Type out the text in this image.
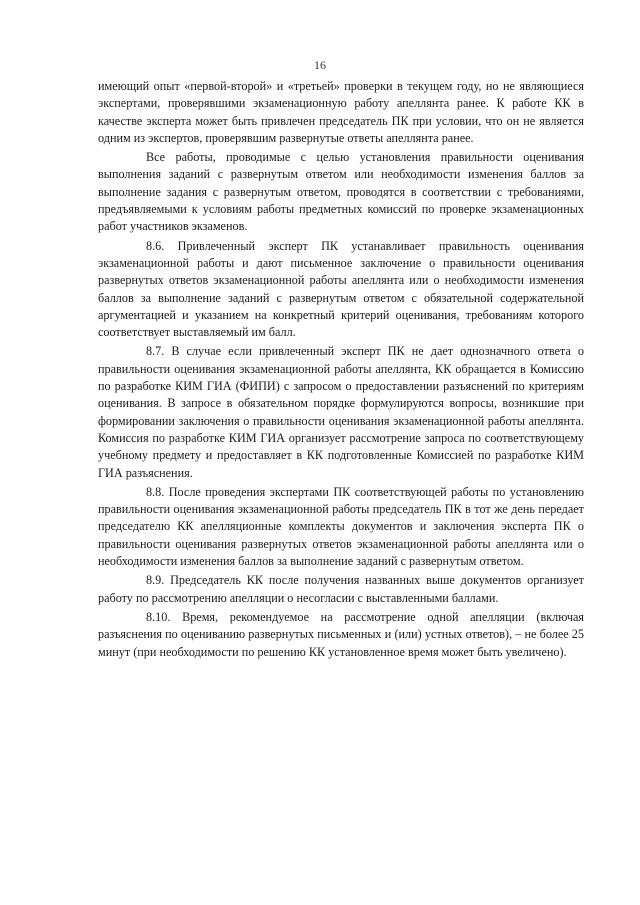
16

имеющий опыт «первой-второй» и «третьей» проверки в текущем году, но не являющиеся экспертами, проверявшими экзаменационную работу апеллянта ранее. К работе КК в качестве эксперта может быть привлечен председатель ПК при условии, что он не является одним из экспертов, проверявшим развернутые ответы апеллянта ранее.

Все работы, проводимые с целью установления правильности оценивания выполнения заданий с развернутым ответом или необходимости изменения баллов за выполнение задания с развернутым ответом, проводятся в соответствии с требованиями, предъявляемыми к условиям работы предметных комиссий по проверке экзаменационных работ участников экзаменов.

8.6. Привлеченный эксперт ПК устанавливает правильность оценивания экзаменационной работы и дают письменное заключение о правильности оценивания развернутых ответов экзаменационной работы апеллянта или о необходимости изменения баллов за выполнение заданий с развернутым ответом с обязательной содержательной аргументацией и указанием на конкретный критерий оценивания, требованиям которого соответствует выставляемый им балл.

8.7. В случае если привлеченный эксперт ПК не дает однозначного ответа о правильности оценивания экзаменационной работы апеллянта, КК обращается в Комиссию по разработке КИМ ГИА (ФИПИ) с запросом о предоставлении разъяснений по критериям оценивания. В запросе в обязательном порядке формулируются вопросы, возникшие при формировании заключения о правильности оценивания экзаменационной работы апеллянта. Комиссия по разработке КИМ ГИА организует рассмотрение запроса по соответствующему учебному предмету и предоставляет в КК подготовленные Комиссией по разработке КИМ ГИА разъяснения.

8.8. После проведения экспертами ПК соответствующей работы по установлению правильности оценивания экзаменационной работы председатель ПК в тот же день передает председателю КК апелляционные комплекты документов и заключения эксперта ПК о правильности оценивания развернутых ответов экзаменационной работы апеллянта или о необходимости изменения баллов за выполнение заданий с развернутым ответом.

8.9. Председатель КК после получения названных выше документов организует работу по рассмотрению апелляции о несогласии с выставленными баллами.

8.10. Время, рекомендуемое на рассмотрение одной апелляции (включая разъяснения по оцениванию развернутых письменных и (или) устных ответов), – не более 25 минут (при необходимости по решению КК установленное время может быть увеличено).
